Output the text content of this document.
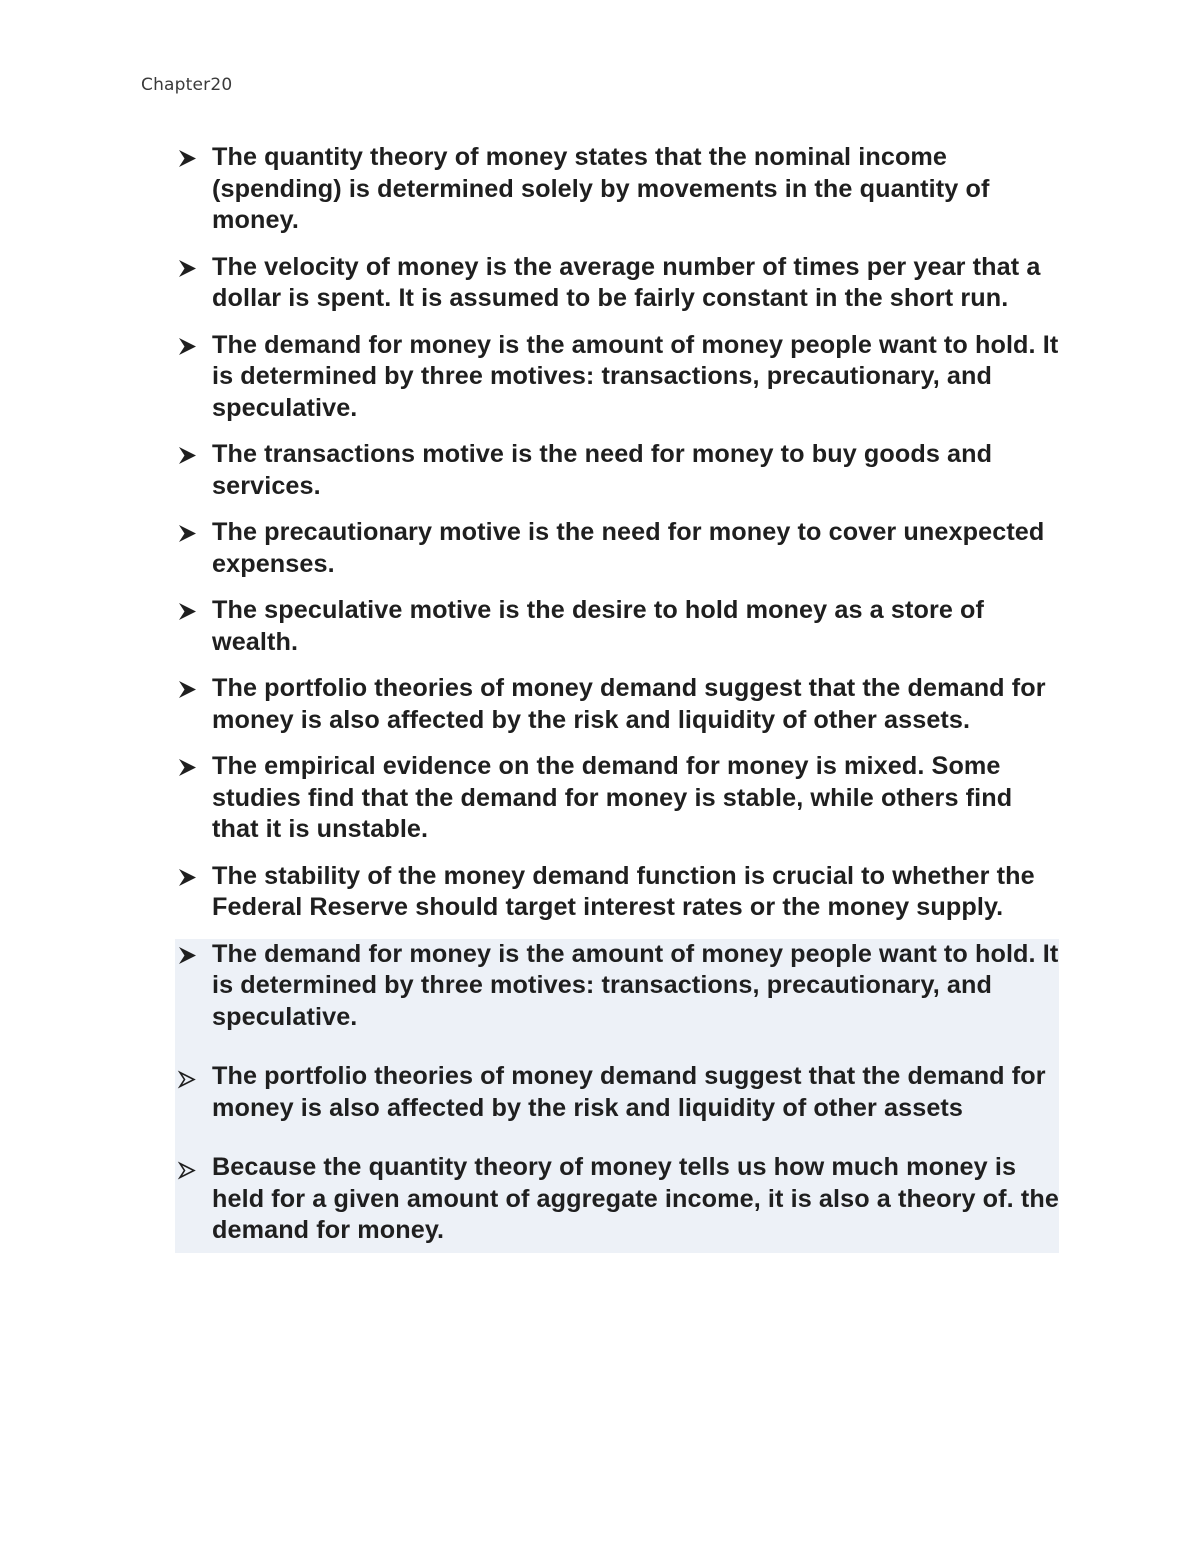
Chapter20
The quantity theory of money states that the nominal income (spending) is determined solely by movements in the quantity of money.
The velocity of money is the average number of times per year that a dollar is spent. It is assumed to be fairly constant in the short run.
The demand for money is the amount of money people want to hold. It is determined by three motives: transactions, precautionary, and speculative.
The transactions motive is the need for money to buy goods and services.
The precautionary motive is the need for money to cover unexpected expenses.
The speculative motive is the desire to hold money as a store of wealth.
The portfolio theories of money demand suggest that the demand for money is also affected by the risk and liquidity of other assets.
The empirical evidence on the demand for money is mixed. Some studies find that the demand for money is stable, while others find that it is unstable.
The stability of the money demand function is crucial to whether the Federal Reserve should target interest rates or the money supply.
The demand for money is the amount of money people want to hold. It is determined by three motives: transactions, precautionary, and speculative.
The portfolio theories of money demand suggest that the demand for money is also affected by the risk and liquidity of other assets
Because the quantity theory of money tells us how much money is held for a given amount of aggregate income, it is also a theory of. the demand for money.
